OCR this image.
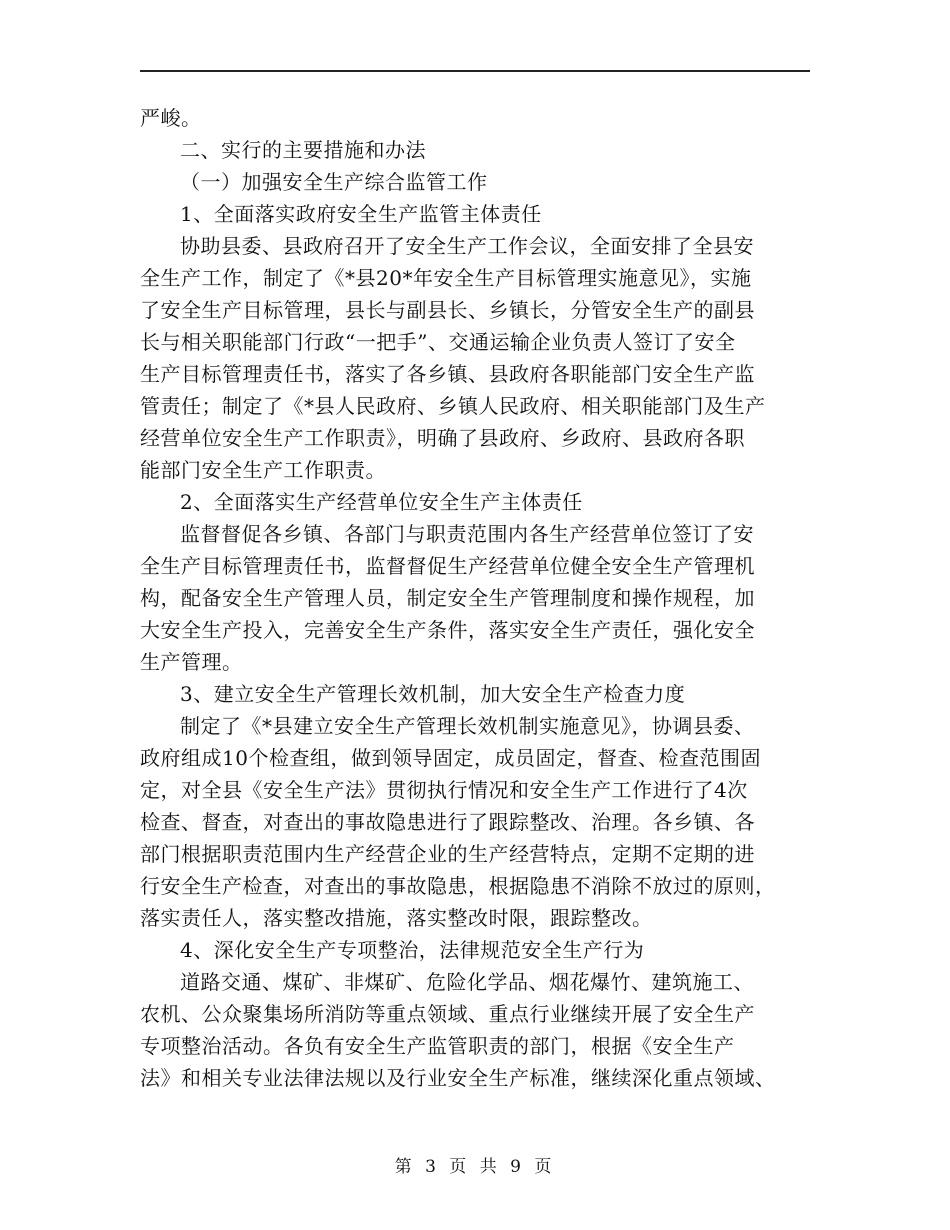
严峻。
二、实行的主要措施和办法
（一）加强安全生产综合监管工作
1、全面落实政府安全生产监管主体责任
协助县委、县政府召开了安全生产工作会议，全面安排了全县安
全生产工作，制定了《*县20*年安全生产目标管理实施意见》，实施
了安全生产目标管理，县长与副县长、乡镇长，分管安全生产的副县
长与相关职能部门行政“一把手”、交通运输企业负责人签订了安全
生产目标管理责任书，落实了各乡镇、县政府各职能部门安全生产监
管责任；制定了《*县人民政府、乡镇人民政府、相关职能部门及生产
经营单位安全生产工作职责》，明确了县政府、乡政府、县政府各职
能部门安全生产工作职责。
2、全面落实生产经营单位安全生产主体责任
监督督促各乡镇、各部门与职责范围内各生产经营单位签订了安
全生产目标管理责任书，监督督促生产经营单位健全安全生产管理机
构，配备安全生产管理人员，制定安全生产管理制度和操作规程，加
大安全生产投入，完善安全生产条件，落实安全生产责任，强化安全
生产管理。
3、建立安全生产管理长效机制，加大安全生产检查力度
制定了《*县建立安全生产管理长效机制实施意见》，协调县委、
政府组成10个检查组，做到领导固定，成员固定，督查、检查范围固
定，对全县《安全生产法》贯彻执行情况和安全生产工作进行了4次
检查、督查，对查出的事故隐患进行了跟踪整改、治理。各乡镇、各
部门根据职责范围内生产经营企业的生产经营特点，定期不定期的进
行安全生产检查，对查出的事故隐患，根据隐患不消除不放过的原则，
落实责任人，落实整改措施，落实整改时限，跟踪整改。
4、深化安全生产专项整治，法律规范安全生产行为
道路交通、煤矿、非煤矿、危险化学品、烟花爆竹、建筑施工、
农机、公众聚集场所消防等重点领域、重点行业继续开展了安全生产
专项整治活动。各负有安全生产监管职责的部门，根据《安全生产
法》和相关专业法律法规以及行业安全生产标准，继续深化重点领域、
第 3 页 共 9 页
